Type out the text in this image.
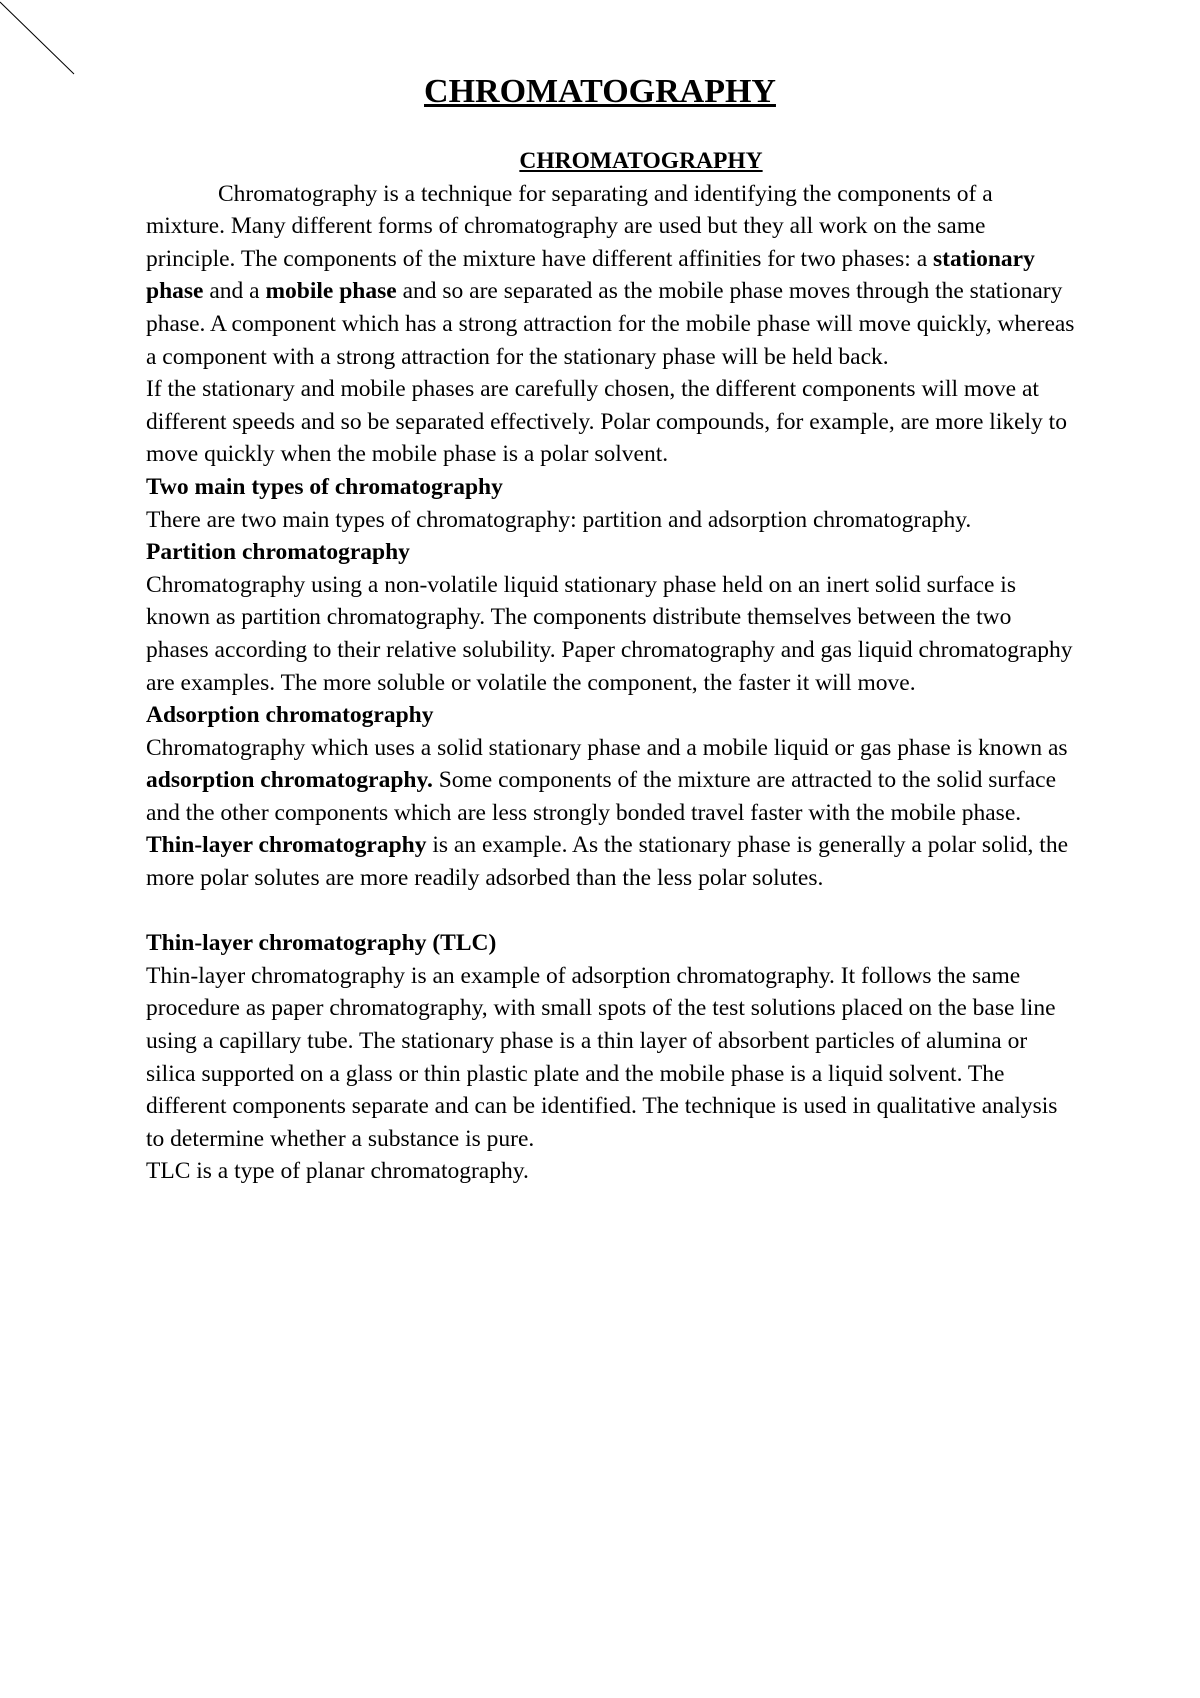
CHROMATOGRAPHY

CHROMATOGRAPHY

Chromatography is a technique for separating and identifying the components of a mixture. Many different forms of chromatography are used but they all work on the same principle. The components of the mixture have different affinities for two phases: a stationary phase and a mobile phase and so are separated as the mobile phase moves through the stationary phase. A component which has a strong attraction for the mobile phase will move quickly, whereas a component with a strong attraction for the stationary phase will be held back.

If the stationary and mobile phases are carefully chosen, the different components will move at different speeds and so be separated effectively. Polar compounds, for example, are more likely to move quickly when the mobile phase is a polar solvent.

Two main types of chromatography

There are two main types of chromatography: partition and adsorption chromatography.

Partition chromatography

Chromatography using a non-volatile liquid stationary phase held on an inert solid surface is known as partition chromatography. The components distribute themselves between the two phases according to their relative solubility. Paper chromatography and gas liquid chromatography are examples. The more soluble or volatile the component, the faster it will move.

Adsorption chromatography

Chromatography which uses a solid stationary phase and a mobile liquid or gas phase is known as adsorption chromatography. Some components of the mixture are attracted to the solid surface and the other components which are less strongly bonded travel faster with the mobile phase. Thin-layer chromatography is an example. As the stationary phase is generally a polar solid, the more polar solutes are more readily adsorbed than the less polar solutes.

Thin-layer chromatography (TLC)

Thin-layer chromatography is an example of adsorption chromatography. It follows the same procedure as paper chromatography, with small spots of the test solutions placed on the base line using a capillary tube. The stationary phase is a thin layer of absorbent particles of alumina or silica supported on a glass or thin plastic plate and the mobile phase is a liquid solvent. The different components separate and can be identified. The technique is used in qualitative analysis to determine whether a substance is pure.

TLC is a type of planar chromatography.
